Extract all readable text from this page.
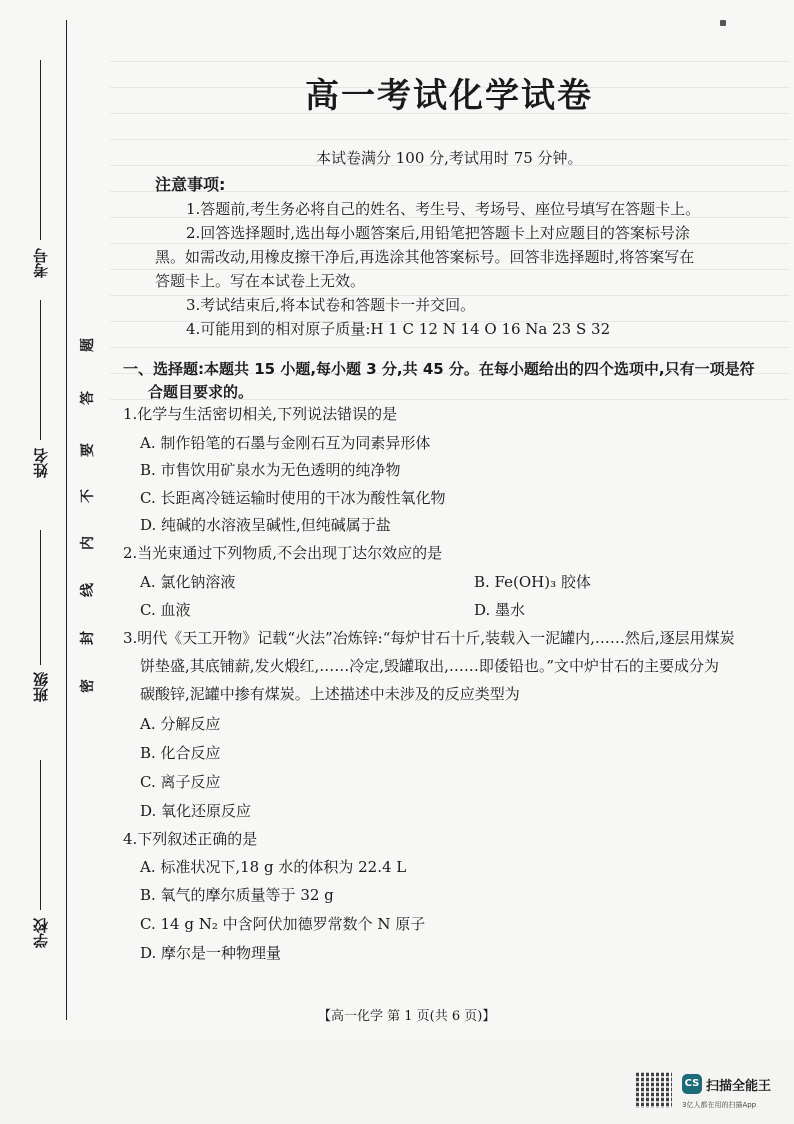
考号
姓名
班级
学校
题
答
要
不
内
线
封
密
高一考试化学试卷
本试卷满分 100 分,考试用时 75 分钟。
注意事项:
1.答题前,考生务必将自己的姓名、考生号、考场号、座位号填写在答题卡上。
2.回答选择题时,选出每小题答案后,用铅笔把答题卡上对应题目的答案标号涂
黑。如需改动,用橡皮擦干净后,再选涂其他答案标号。回答非选择题时,将答案写在
答题卡上。写在本试卷上无效。
3.考试结束后,将本试卷和答题卡一并交回。
4.可能用到的相对原子质量:H 1 C 12 N 14 O 16 Na 23 S 32
一、选择题:本题共 15 小题,每小题 3 分,共 45 分。在每小题给出的四个选项中,只有一项是符
合题目要求的。
1.化学与生活密切相关,下列说法错误的是
A. 制作铅笔的石墨与金刚石互为同素异形体
B. 市售饮用矿泉水为无色透明的纯净物
C. 长距离冷链运输时使用的干冰为酸性氧化物
D. 纯碱的水溶液呈碱性,但纯碱属于盐
2.当光束通过下列物质,不会出现丁达尔效应的是
A. 氯化钠溶液	B. Fe(OH)₃ 胶体
C. 血液	D. 墨水
3.明代《天工开物》记载“火法”冶炼锌:“每炉甘石十斤,装载入一泥罐内,……然后,逐层用煤炭
饼垫盛,其底铺薪,发火煅红,……冷定,毁罐取出,……即倭铅也。”文中炉甘石的主要成分为
碳酸锌,泥罐中掺有煤炭。上述描述中未涉及的反应类型为
A. 分解反应
B. 化合反应
C. 离子反应
D. 氧化还原反应
4.下列叙述正确的是
A. 标准状况下,18 g 水的体积为 22.4 L
B. 氧气的摩尔质量等于 32 g
C. 14 g N₂ 中含阿伏加德罗常数个 N 原子
D. 摩尔是一种物理量
【高一化学 第 1 页(共 6 页)】
CS 扫描全能王
3亿人都在用的扫描App
